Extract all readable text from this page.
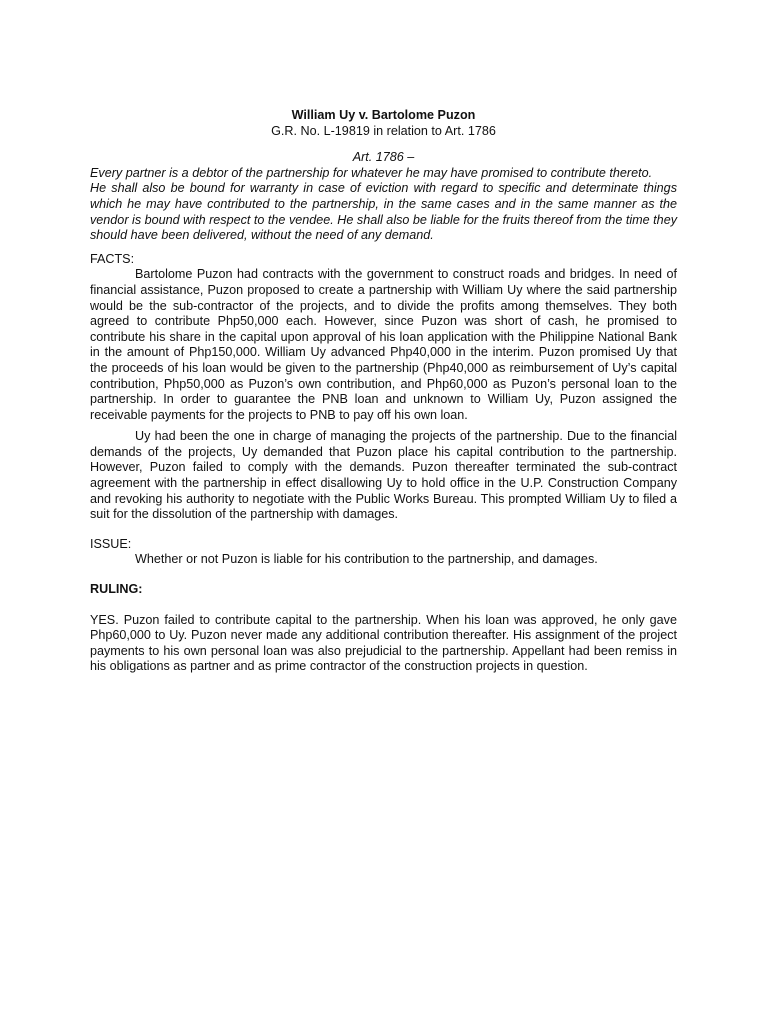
William Uy v. Bartolome Puzon
G.R. No. L-19819 in relation to Art. 1786
Art. 1786 –

Every partner is a debtor of the partnership for whatever he may have promised to contribute thereto.

He shall also be bound for warranty in case of eviction with regard to specific and determinate things which he may have contributed to the partnership, in the same cases and in the same manner as the vendor is bound with respect to the vendee. He shall also be liable for the fruits thereof from the time they should have been delivered, without the need of any demand.

FACTS:

Bartolome Puzon had contracts with the government to construct roads and bridges. In need of financial assistance, Puzon proposed to create a partnership with William Uy where the said partnership would be the sub-contractor of the projects, and to divide the profits among themselves. They both agreed to contribute Php50,000 each. However, since Puzon was short of cash, he promised to contribute his share in the capital upon approval of his loan application with the Philippine National Bank in the amount of Php150,000. William Uy advanced Php40,000 in the interim. Puzon promised Uy that the proceeds of his loan would be given to the partnership (Php40,000 as reimbursement of Uy’s capital contribution, Php50,000 as Puzon’s own contribution, and Php60,000 as Puzon’s personal loan to the partnership. In order to guarantee the PNB loan and unknown to William Uy, Puzon assigned the receivable payments for the projects to PNB to pay off his own loan.

Uy had been the one in charge of managing the projects of the partnership. Due to the financial demands of the projects, Uy demanded that Puzon place his capital contribution to the partnership. However, Puzon failed to comply with the demands. Puzon thereafter terminated the sub-contract agreement with the partnership in effect disallowing Uy to hold office in the U.P. Construction Company and revoking his authority to negotiate with the Public Works Bureau. This prompted William Uy to filed a suit for the dissolution of the partnership with damages.

ISSUE:

Whether or not Puzon is liable for his contribution to the partnership, and damages.

RULING:

YES. Puzon failed to contribute capital to the partnership. When his loan was approved, he only gave Php60,000 to Uy. Puzon never made any additional contribution thereafter. His assignment of the project payments to his own personal loan was also prejudicial to the partnership. Appellant had been remiss in his obligations as partner and as prime contractor of the construction projects in question.
